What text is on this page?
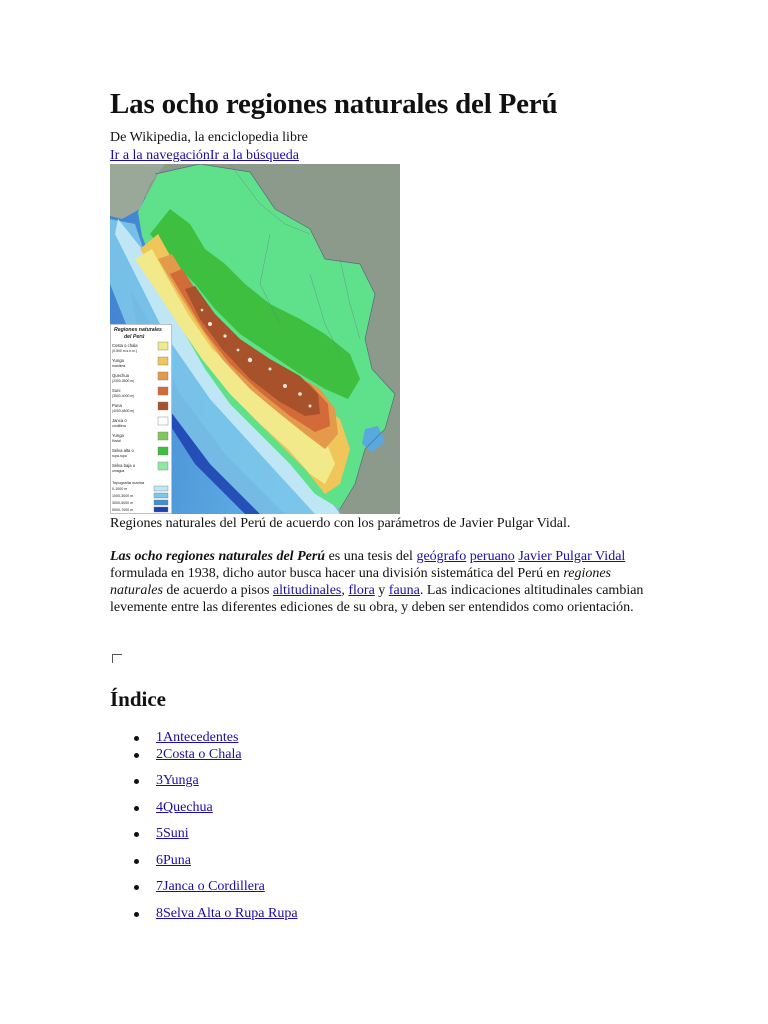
Las ocho regiones naturales del Perú
De Wikipedia, la enciclopedia libre
Ir a la navegaciónIr a la búsqueda
Regiones naturales
del Perú
Costa o chala
(0-500 m.s.n.m.)
Yunga
marítima
Quechua
(2300-3500 m)
Suni
(3500-4000 m)
Puna
(4000-4800 m)
Janca o
cordillera
Yunga
fluvial
Selva alta o
rupa-rupa
Selva baja u
omagua
Topografía marina
0-1000 m
1000-3000 m
3000-5000 m
5000-7000 m
Regiones naturales del Perú de acuerdo con los parámetros de Javier Pulgar Vidal.

Las ocho regiones naturales del Perú es una tesis del geógrafo peruano Javier Pulgar Vidal formulada en 1938, dicho autor busca hacer una división sistemática del Perú en regiones naturales de acuerdo a pisos altitudinales, flora y fauna. Las indicaciones altitudinales cambian levemente entre las diferentes ediciones de su obra, y deben ser entendidos como orientación.

Índice
1Antecedentes
2Costa o Chala
3Yunga
4Quechua
5Suni
6Puna
7Janca o Cordillera
8Selva Alta o Rupa Rupa
